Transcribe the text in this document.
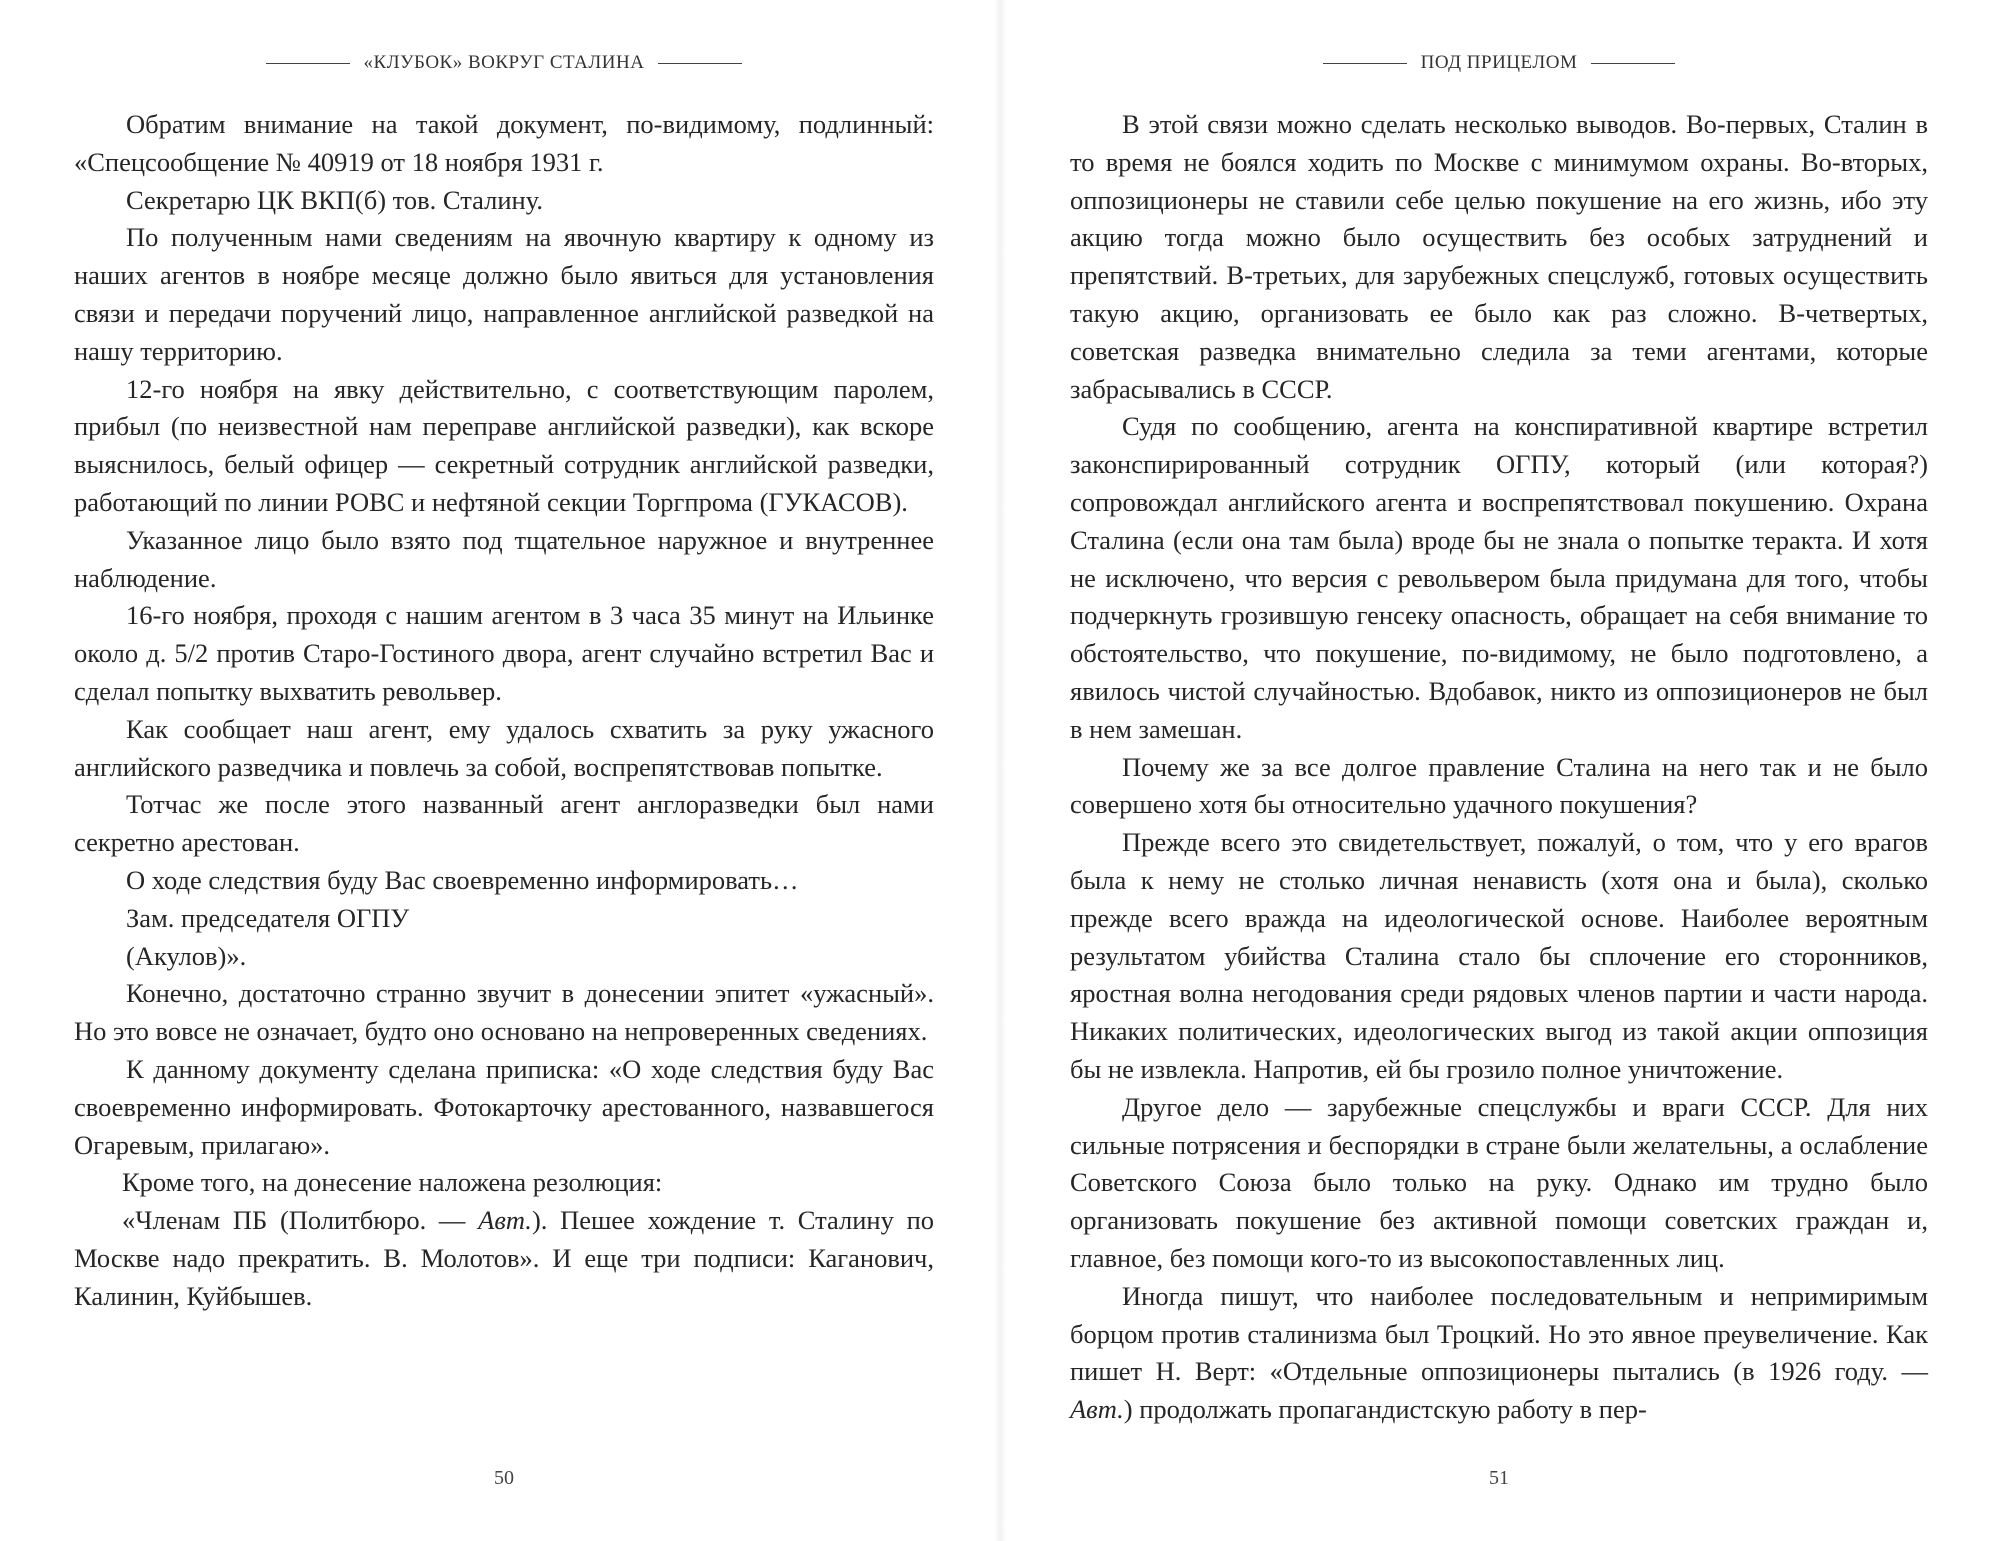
«КЛУБОК» ВОКРУГ СТАЛИНА

Обратим внимание на такой документ, по-видимому, подлинный: «Спецсообщение № 40919 от 18 ноября 1931 г.

Секретарю ЦК ВКП(б) тов. Сталину.

По полученным нами сведениям на явочную квартиру к одному из наших агентов в ноябре месяце должно было явиться для установления связи и передачи поручений лицо, направленное английской разведкой на нашу территорию.

12-го ноября на явку действительно, с соответствующим паролем, прибыл (по неизвестной нам переправе английской разведки), как вскоре выяснилось, белый офицер — секретный сотрудник английской разведки, работающий по линии РОВС и нефтяной секции Торгпрома (ГУКАСОВ).

Указанное лицо было взято под тщательное наружное и внутреннее наблюдение.

16-го ноября, проходя с нашим агентом в 3 часа 35 минут на Ильинке около д. 5/2 против Старо-Гостиного двора, агент случайно встретил Вас и сделал попытку выхватить револьвер.

Как сообщает наш агент, ему удалось схватить за руку ужасного английского разведчика и повлечь за собой, воспрепятствовав попытке.

Тотчас же после этого названный агент англоразведки был нами секретно арестован.

О ходе следствия буду Вас своевременно информировать…

Зам. председателя ОГПУ

(Акулов)».

Конечно, достаточно странно звучит в донесении эпитет «ужасный». Но это вовсе не означает, будто оно основано на непроверенных сведениях.

К данному документу сделана приписка: «О ходе следствия буду Вас своевременно информировать. Фотокарточку арестованного, назвавшегося Огаревым, прилагаю».

Кроме того, на донесение наложена резолюция:

«Членам ПБ (Политбюро. — Авт.). Пешее хождение т. Сталину по Москве надо прекратить. В. Молотов». И еще три подписи: Каганович, Калинин, Куйбышев.

50
ПОД ПРИЦЕЛОМ

В этой связи можно сделать несколько выводов. Во-первых, Сталин в то время не боялся ходить по Москве с минимумом охраны. Во-вторых, оппозиционеры не ставили себе целью покушение на его жизнь, ибо эту акцию тогда можно было осуществить без особых затруднений и препятствий. В-третьих, для зарубежных спецслужб, готовых осуществить такую акцию, организовать ее было как раз сложно. В-четвертых, советская разведка внимательно следила за теми агентами, которые забрасывались в СССР.

Судя по сообщению, агента на конспиративной квартире встретил законспирированный сотрудник ОГПУ, который (или которая?) сопровождал английского агента и воспрепятствовал покушению. Охрана Сталина (если она там была) вроде бы не знала о попытке теракта. И хотя не исключено, что версия с револьвером была придумана для того, чтобы подчеркнуть грозившую генсеку опасность, обращает на себя внимание то обстоятельство, что покушение, по-видимому, не было подготовлено, а явилось чистой случайностью. Вдобавок, никто из оппозиционеров не был в нем замешан.

Почему же за все долгое правление Сталина на него так и не было совершено хотя бы относительно удачного покушения?

Прежде всего это свидетельствует, пожалуй, о том, что у его врагов была к нему не столько личная ненависть (хотя она и была), сколько прежде всего вражда на идеологической основе. Наиболее вероятным результатом убийства Сталина стало бы сплочение его сторонников, яростная волна негодования среди рядовых членов партии и части народа. Никаких политических, идеологических выгод из такой акции оппозиция бы не извлекла. Напротив, ей бы грозило полное уничтожение.

Другое дело — зарубежные спецслужбы и враги СССР. Для них сильные потрясения и беспорядки в стране были желательны, а ослабление Советского Союза было только на руку. Однако им трудно было организовать покушение без активной помощи советских граждан и, главное, без помощи кого-то из высокопоставленных лиц.

Иногда пишут, что наиболее последовательным и непримиримым борцом против сталинизма был Троцкий. Но это явное преувеличение. Как пишет Н. Верт: «Отдельные оппозиционеры пытались (в 1926 году. — Авт.) продолжать пропагандистскую работу в пер-

51
